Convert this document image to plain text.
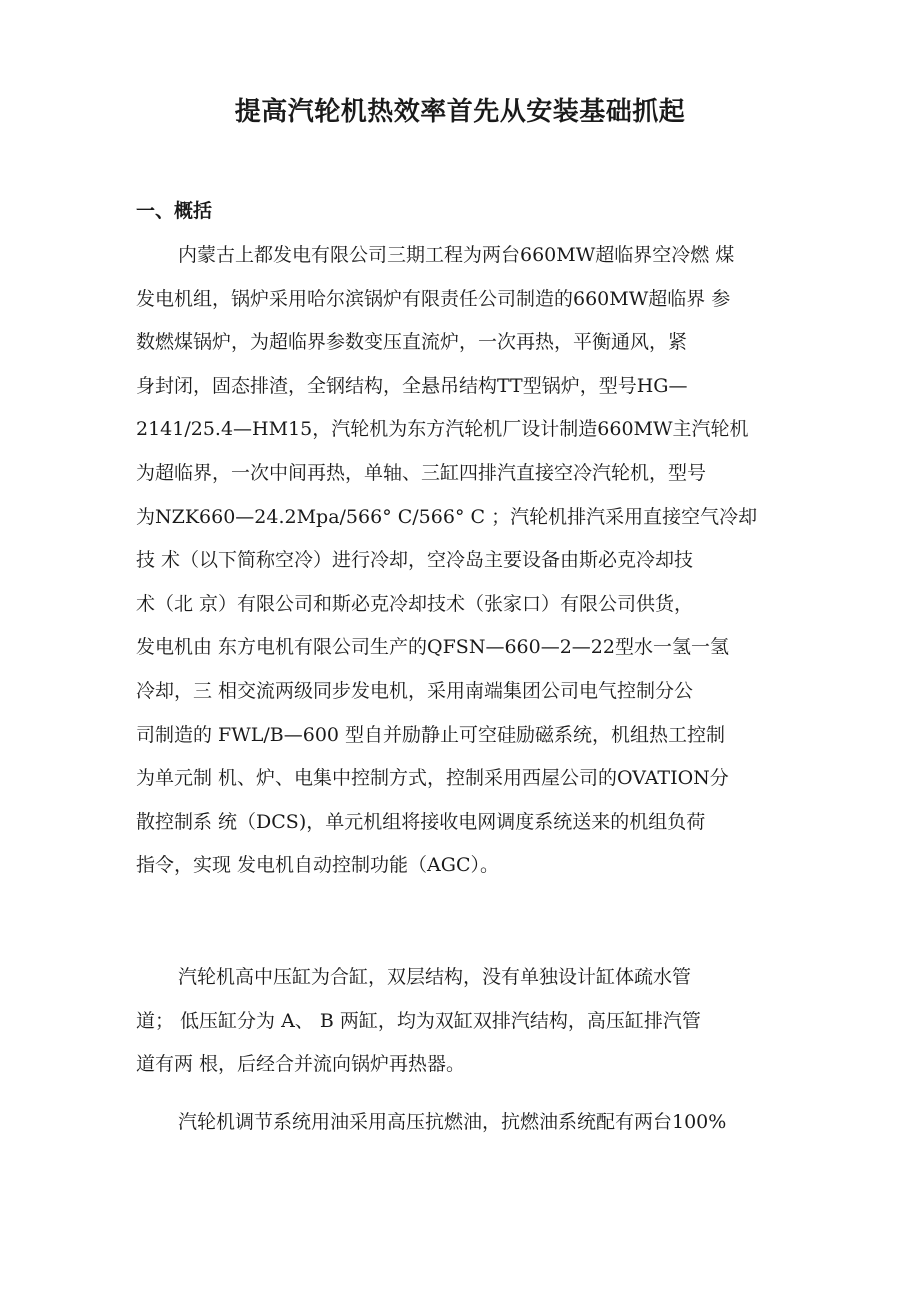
提高汽轮机热效率首先从安装基础抓起
一、概括
内蒙古上都发电有限公司三期工程为两台660MW超临界空冷燃 煤
发电机组，锅炉采用哈尔滨锅炉有限责任公司制造的660MW超临界 参
数燃煤锅炉，为超临界参数变压直流炉，一次再热，平衡通风，紧
身封闭，固态排渣，全钢结构，全悬吊结构TT型锅炉，型号HG—
2141/25.4—HM15，汽轮机为东方汽轮机厂设计制造660MW主汽轮机
为超临界，一次中间再热，单轴、三缸四排汽直接空冷汽轮机，型号
为NZK660—24.2Mpa/566° C/566° C ；汽轮机排汽采用直接空气冷却
技 术（以下简称空冷）进行冷却，空冷岛主要设备由斯必克冷却技
术（北 京）有限公司和斯必克冷却技术（张家口）有限公司供货，
发电机由 东方电机有限公司生产的QFSN—660—2—22型水一氢一氢
冷却，三 相交流两级同步发电机，采用南端集团公司电气控制分公
司制造的 FWL/B—600 型自并励静止可空硅励磁系统，机组热工控制
为单元制 机、炉、电集中控制方式，控制采用西屋公司的OVATION分
散控制系 统（DCS)，单元机组将接收电网调度系统送来的机组负荷
指令，实现 发电机自动控制功能（AGC）。
汽轮机高中压缸为合缸，双层结构，没有单独设计缸体疏水管
道； 低压缸分为 A、 B 两缸，均为双缸双排汽结构，高压缸排汽管
道有两 根，后经合并流向锅炉再热器。
汽轮机调节系统用油采用高压抗燃油，抗燃油系统配有两台100%
